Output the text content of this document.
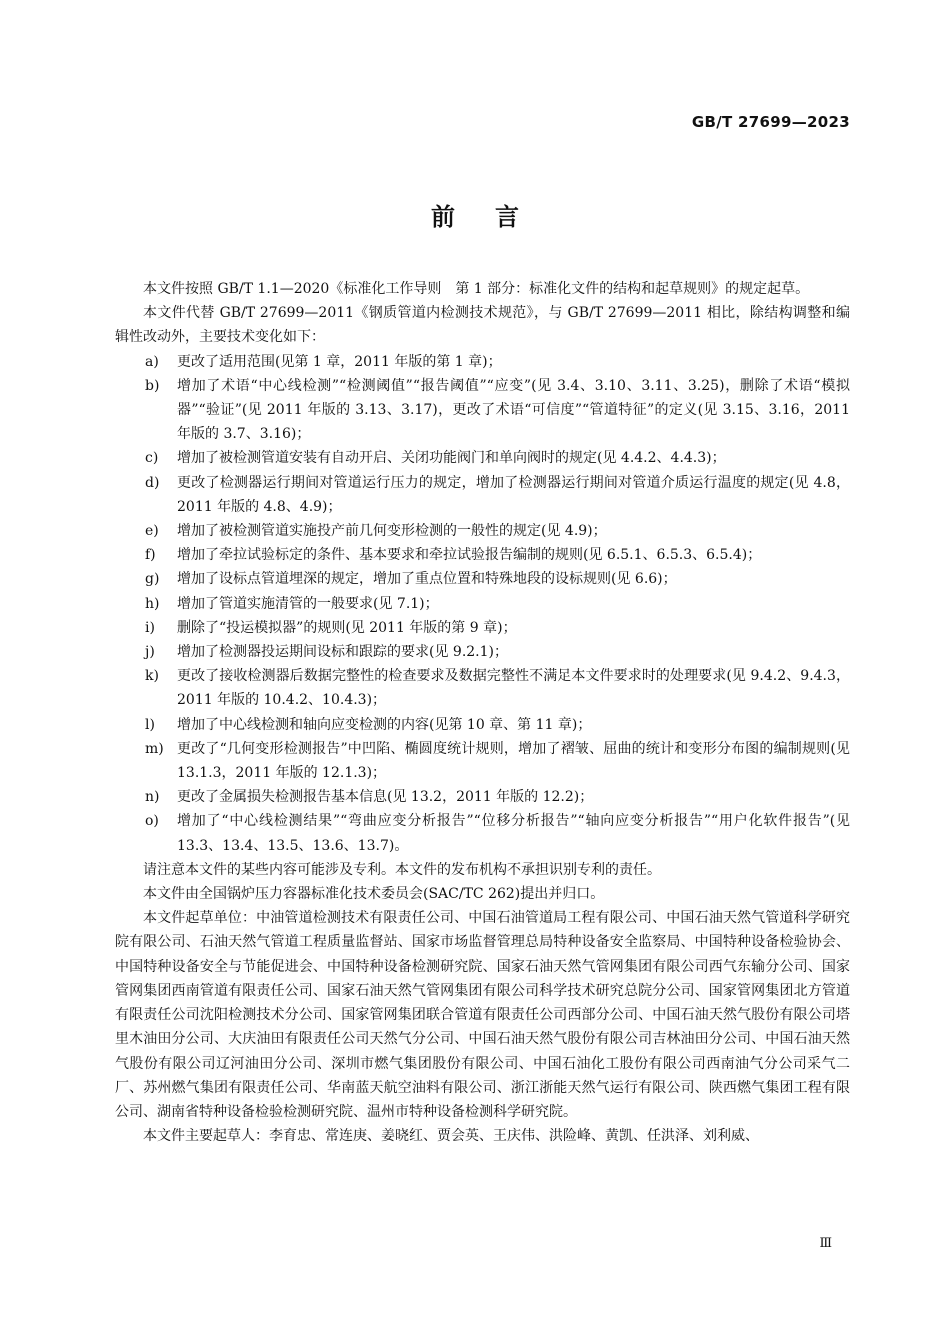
GB/T 27699—2023
前言

本文件按照 GB/T 1.1—2020《标准化工作导则　第 1 部分：标准化文件的结构和起草规则》的规定起草。

本文件代替 GB/T 27699—2011《钢质管道内检测技术规范》，与 GB/T 27699—2011 相比，除结构调整和编辑性改动外，主要技术变化如下：

a) 更改了适用范围(见第 1 章，2011 年版的第 1 章)；
b) 增加了术语“中心线检测”“检测阈值”“报告阈值”“应变”(见 3.4、3.10、3.11、3.25)，删除了术语“模拟器”“验证”(见 2011 年版的 3.13、3.17)，更改了术语“可信度”“管道特征”的定义(见 3.15、3.16，2011 年版的 3.7、3.16)；
c) 增加了被检测管道安装有自动开启、关闭功能阀门和单向阀时的规定(见 4.4.2、4.4.3)；
d) 更改了检测器运行期间对管道运行压力的规定，增加了检测器运行期间对管道介质运行温度的规定(见 4.8，2011 年版的 4.8、4.9)；
e) 增加了被检测管道实施投产前几何变形检测的一般性的规定(见 4.9)；
f) 增加了牵拉试验标定的条件、基本要求和牵拉试验报告编制的规则(见 6.5.1、6.5.3、6.5.4)；
g) 增加了设标点管道埋深的规定，增加了重点位置和特殊地段的设标规则(见 6.6)；
h) 增加了管道实施清管的一般要求(见 7.1)；
i) 删除了“投运模拟器”的规则(见 2011 年版的第 9 章)；
j) 增加了检测器投运期间设标和跟踪的要求(见 9.2.1)；
k) 更改了接收检测器后数据完整性的检查要求及数据完整性不满足本文件要求时的处理要求(见 9.4.2、9.4.3，2011 年版的 10.4.2、10.4.3)；
l) 增加了中心线检测和轴向应变检测的内容(见第 10 章、第 11 章)；
m) 更改了“几何变形检测报告”中凹陷、椭圆度统计规则，增加了褶皱、屈曲的统计和变形分布图的编制规则(见 13.1.3，2011 年版的 12.1.3)；
n) 更改了金属损失检测报告基本信息(见 13.2，2011 年版的 12.2)；
o) 增加了“中心线检测结果”“弯曲应变分析报告”“位移分析报告”“轴向应变分析报告”“用户化软件报告”(见 13.3、13.4、13.5、13.6、13.7)。

请注意本文件的某些内容可能涉及专利。本文件的发布机构不承担识别专利的责任。

本文件由全国锅炉压力容器标准化技术委员会(SAC/TC 262)提出并归口。

本文件起草单位：中油管道检测技术有限责任公司、中国石油管道局工程有限公司、中国石油天然气管道科学研究院有限公司、石油天然气管道工程质量监督站、国家市场监督管理总局特种设备安全监察局、中国特种设备检验协会、中国特种设备安全与节能促进会、中国特种设备检测研究院、国家石油天然气管网集团有限公司西气东输分公司、国家管网集团西南管道有限责任公司、国家石油天然气管网集团有限公司科学技术研究总院分公司、国家管网集团北方管道有限责任公司沈阳检测技术分公司、国家管网集团联合管道有限责任公司西部分公司、中国石油天然气股份有限公司塔里木油田分公司、大庆油田有限责任公司天然气分公司、中国石油天然气股份有限公司吉林油田分公司、中国石油天然气股份有限公司辽河油田分公司、深圳市燃气集团股份有限公司、中国石油化工股份有限公司西南油气分公司采气二厂、苏州燃气集团有限责任公司、华南蓝天航空油料有限公司、浙江浙能天然气运行有限公司、陕西燃气集团工程有限公司、湖南省特种设备检验检测研究院、温州市特种设备检测科学研究院。

本文件主要起草人：李育忠、常连庚、姜晓红、贾会英、王庆伟、洪险峰、黄凯、任洪泽、刘利威、

Ⅲ
